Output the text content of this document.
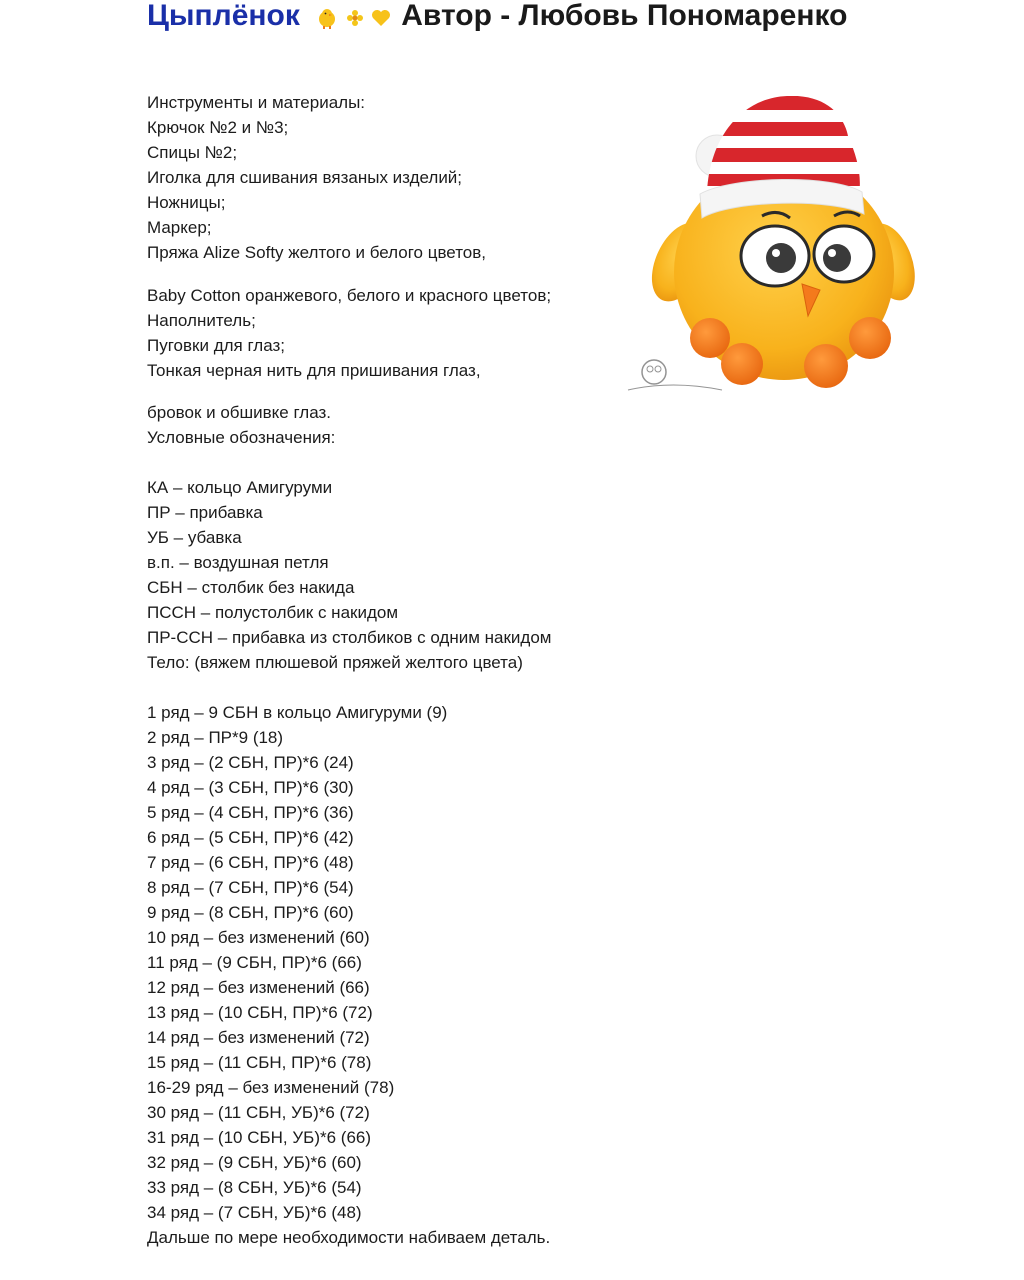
Цыплёнок	Автор - Любовь Пономаренко
Инструменты и материалы:
Крючок №2 и №3;
Спицы №2;
Иголка для сшивания вязаных изделий;
Ножницы;
Маркер;
Пряжа Alize Softy желтого и белого цветов,
Baby Cotton оранжевого, белого и красного цветов;
Наполнитель;
Пуговки для глаз;
Тонкая черная нить для пришивания глаз,
бровок и обшивке глаз.
Условные обозначения:
КА – кольцо Амигуруми
ПР – прибавка
УБ – убавка
в.п. – воздушная петля
СБН – столбик без накида
ПССН – полустолбик с накидом
ПР-ССН – прибавка из столбиков с одним накидом
Тело: (вяжем плюшевой пряжей желтого цвета)
1 ряд – 9 СБН в кольцо Амигуруми (9)
2 ряд – ПР*9 (18)
3 ряд – (2 СБН, ПР)*6 (24)
4 ряд – (3 СБН, ПР)*6 (30)
5 ряд – (4 СБН, ПР)*6 (36)
6 ряд – (5 СБН, ПР)*6 (42)
7 ряд – (6 СБН, ПР)*6 (48)
8 ряд – (7 СБН, ПР)*6 (54)
9 ряд – (8 СБН, ПР)*6 (60)
10 ряд – без изменений (60)
11 ряд – (9 СБН, ПР)*6 (66)
12 ряд – без изменений (66)
13 ряд – (10 СБН, ПР)*6 (72)
14 ряд – без изменений (72)
15 ряд – (11 СБН, ПР)*6 (78)
16-29 ряд – без изменений (78)
30 ряд – (11 СБН, УБ)*6 (72)
31 ряд – (10 СБН, УБ)*6 (66)
32 ряд – (9 СБН, УБ)*6 (60)
33 ряд – (8 СБН, УБ)*6 (54)
34 ряд – (7 СБН, УБ)*6 (48)
Дальше по мере необходимости набиваем деталь.
